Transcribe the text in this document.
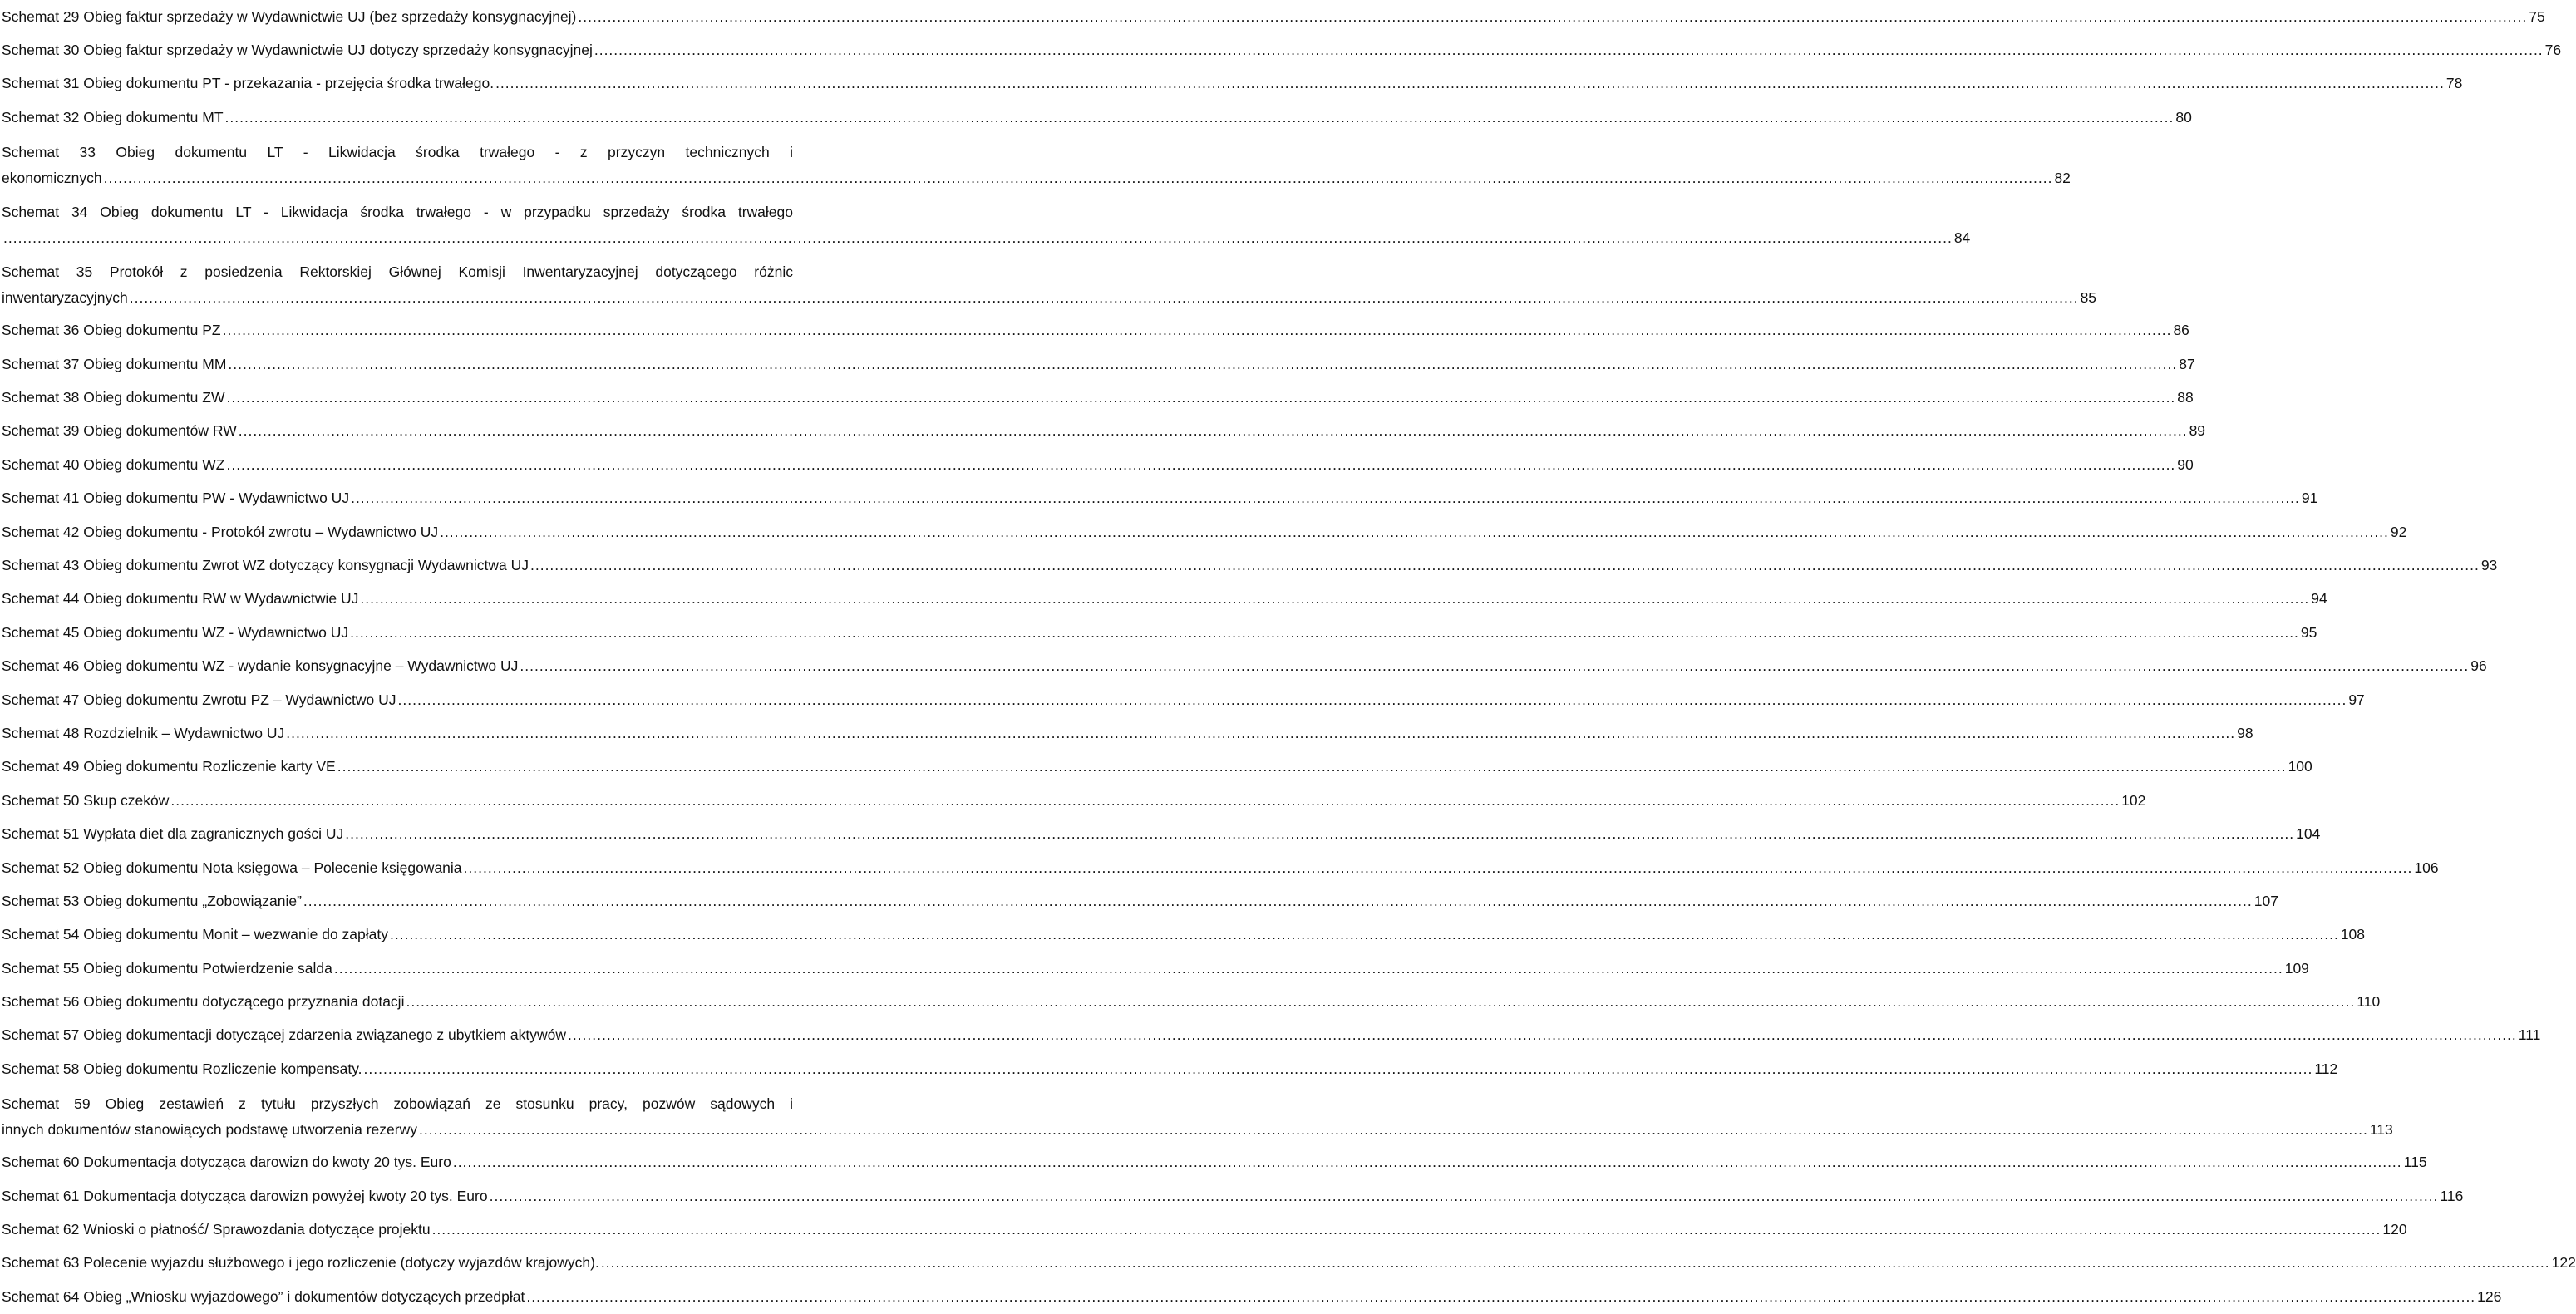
Schemat 29 Obieg faktur sprzedaży w Wydawnictwie UJ (bez sprzedaży konsygnacyjnej) ................................................................................................................................................................................................................................................................................................................................................................................................................ 75
Schemat 30 Obieg faktur sprzedaży w Wydawnictwie UJ dotyczy sprzedaży konsygnacyjnej ................................................................................................................................................................................................................................................................................................................................................................................................................ 76
Schemat 31 Obieg dokumentu PT - przekazania - przejęcia środka trwałego. ................................................................................................................................................................................................................................................................................................................................................................................................................ 78
Schemat 32 Obieg dokumentu MT ................................................................................................................................................................................................................................................................................................................................................................................................................ 80
Schemat 33 Obieg dokumentu LT - Likwidacja środka trwałego - z przyczyn technicznych i
ekonomicznych ................................................................................................................................................................................................................................................................................................................................................................................................................ 82
Schemat 34 Obieg dokumentu LT - Likwidacja środka trwałego - w przypadku sprzedaży środka trwałego
................................................................................................................................................................................................................................................................................................................................................................................................................ 84
Schemat 35 Protokół z posiedzenia Rektorskiej Głównej Komisji Inwentaryzacyjnej dotyczącego różnic
inwentaryzacyjnych ................................................................................................................................................................................................................................................................................................................................................................................................................ 85
Schemat 36 Obieg dokumentu PZ ................................................................................................................................................................................................................................................................................................................................................................................................................ 86
Schemat 37 Obieg dokumentu MM ................................................................................................................................................................................................................................................................................................................................................................................................................ 87
Schemat 38 Obieg dokumentu ZW ................................................................................................................................................................................................................................................................................................................................................................................................................ 88
Schemat 39 Obieg dokumentów RW ................................................................................................................................................................................................................................................................................................................................................................................................................ 89
Schemat 40 Obieg dokumentu WZ ................................................................................................................................................................................................................................................................................................................................................................................................................ 90
Schemat 41 Obieg dokumentu PW - Wydawnictwo UJ ................................................................................................................................................................................................................................................................................................................................................................................................................ 91
Schemat 42 Obieg dokumentu - Protokół zwrotu – Wydawnictwo UJ ................................................................................................................................................................................................................................................................................................................................................................................................................ 92
Schemat 43 Obieg dokumentu Zwrot WZ dotyczący konsygnacji Wydawnictwa UJ ................................................................................................................................................................................................................................................................................................................................................................................................................ 93
Schemat 44 Obieg dokumentu RW w Wydawnictwie UJ ................................................................................................................................................................................................................................................................................................................................................................................................................ 94
Schemat 45 Obieg dokumentu WZ - Wydawnictwo UJ ................................................................................................................................................................................................................................................................................................................................................................................................................ 95
Schemat 46 Obieg dokumentu WZ - wydanie konsygnacyjne – Wydawnictwo UJ ................................................................................................................................................................................................................................................................................................................................................................................................................ 96
Schemat 47 Obieg dokumentu Zwrotu PZ – Wydawnictwo UJ ................................................................................................................................................................................................................................................................................................................................................................................................................ 97
Schemat 48 Rozdzielnik – Wydawnictwo UJ ................................................................................................................................................................................................................................................................................................................................................................................................................ 98
Schemat 49 Obieg dokumentu Rozliczenie karty VE ................................................................................................................................................................................................................................................................................................................................................................................................................ 100
Schemat 50 Skup czeków ................................................................................................................................................................................................................................................................................................................................................................................................................ 102
Schemat 51 Wypłata diet dla zagranicznych gości UJ ................................................................................................................................................................................................................................................................................................................................................................................................................ 104
Schemat 52 Obieg dokumentu Nota księgowa – Polecenie księgowania ................................................................................................................................................................................................................................................................................................................................................................................................................ 106
Schemat 53 Obieg dokumentu „Zobowiązanie” ................................................................................................................................................................................................................................................................................................................................................................................................................ 107
Schemat 54 Obieg dokumentu Monit – wezwanie do zapłaty ................................................................................................................................................................................................................................................................................................................................................................................................................ 108
Schemat 55 Obieg dokumentu Potwierdzenie salda ................................................................................................................................................................................................................................................................................................................................................................................................................ 109
Schemat 56 Obieg dokumentu dotyczącego przyznania dotacji ................................................................................................................................................................................................................................................................................................................................................................................................................ 110
Schemat 57 Obieg dokumentacji dotyczącej zdarzenia związanego z ubytkiem aktywów ................................................................................................................................................................................................................................................................................................................................................................................................................ 111
Schemat 58 Obieg dokumentu Rozliczenie kompensaty. ................................................................................................................................................................................................................................................................................................................................................................................................................ 112
Schemat 59 Obieg zestawień z tytułu przyszłych zobowiązań ze stosunku pracy, pozwów sądowych i
innych dokumentów stanowiących podstawę utworzenia rezerwy ................................................................................................................................................................................................................................................................................................................................................................................................................ 113
Schemat 60 Dokumentacja dotycząca darowizn do kwoty 20 tys. Euro ................................................................................................................................................................................................................................................................................................................................................................................................................ 115
Schemat 61 Dokumentacja dotycząca darowizn powyżej kwoty 20 tys. Euro ................................................................................................................................................................................................................................................................................................................................................................................................................ 116
Schemat 62 Wnioski o płatność/ Sprawozdania dotyczące projektu ................................................................................................................................................................................................................................................................................................................................................................................................................ 120
Schemat 63 Polecenie wyjazdu służbowego i jego rozliczenie (dotyczy wyjazdów krajowych). ................................................................................................................................................................................................................................................................................................................................................................................................................ 122
Schemat 64 Obieg „Wniosku wyjazdowego” i dokumentów dotyczących przedpłat ................................................................................................................................................................................................................................................................................................................................................................................................................ 126
